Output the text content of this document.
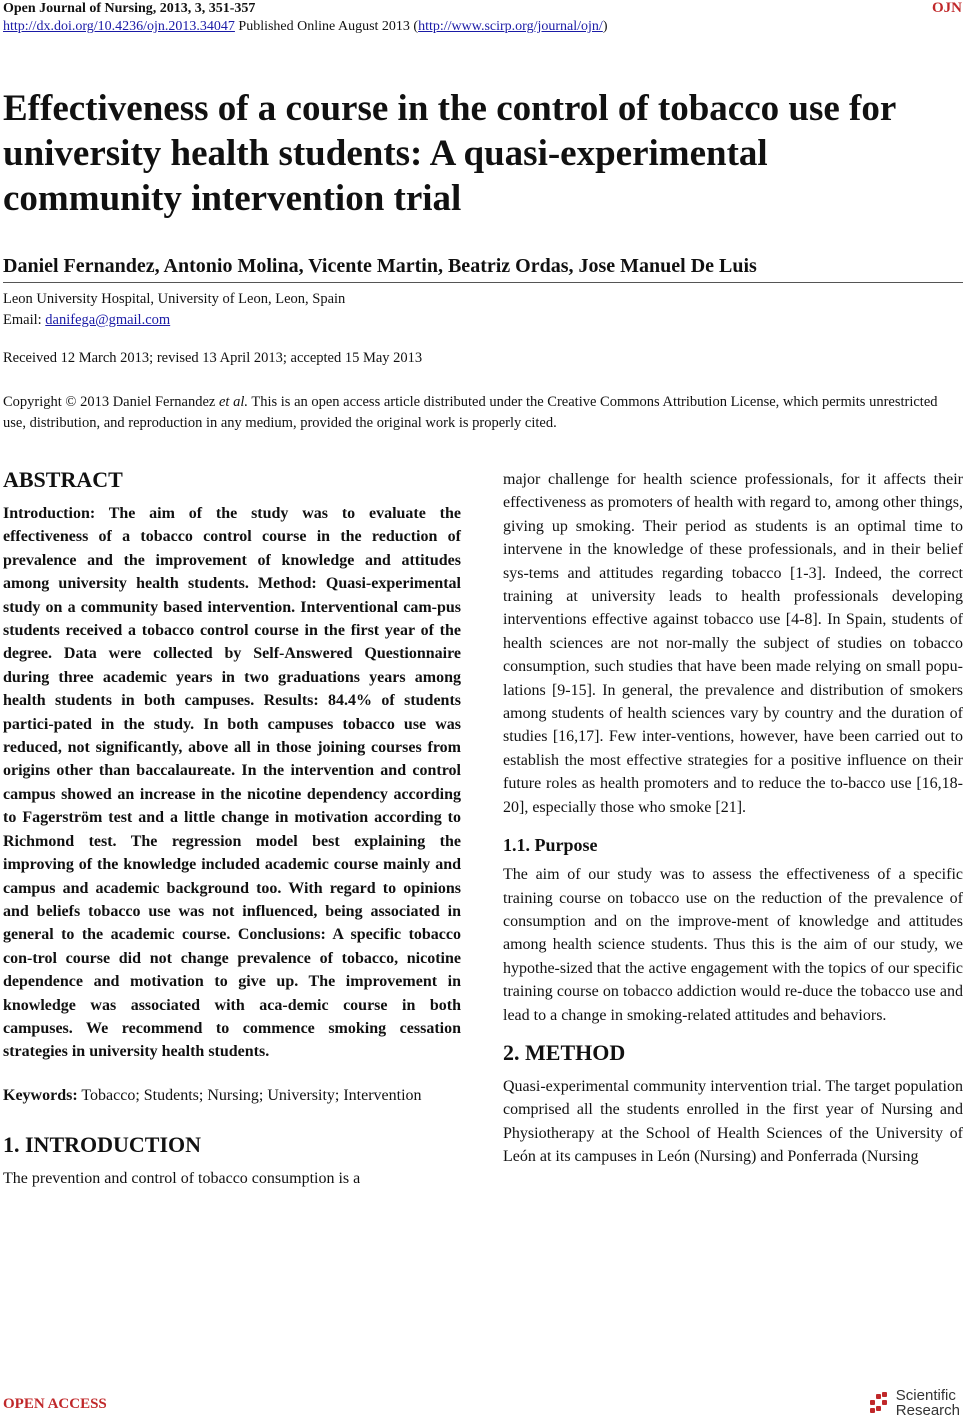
Open Journal of Nursing, 2013, 3, 351-357
http://dx.doi.org/10.4236/ojn.2013.34047 Published Online August 2013 (http://www.scirp.org/journal/ojn/)
OJN
Effectiveness of a course in the control of tobacco use for university health students: A quasi-experimental community intervention trial
Daniel Fernandez, Antonio Molina, Vicente Martin, Beatriz Ordas, Jose Manuel De Luis
Leon University Hospital, University of Leon, Leon, Spain
Email: danifega@gmail.com
Received 12 March 2013; revised 13 April 2013; accepted 15 May 2013
Copyright © 2013 Daniel Fernandez et al. This is an open access article distributed under the Creative Commons Attribution License, which permits unrestricted use, distribution, and reproduction in any medium, provided the original work is properly cited.
ABSTRACT

Introduction: The aim of the study was to evaluate the effectiveness of a tobacco control course in the reduction of prevalence and the improvement of knowledge and attitudes among university health students. Method: Quasi-experimental study on a community based intervention. Interventional cam-pus students received a tobacco control course in the first year of the degree. Data were collected by Self-Answered Questionnaire during three academic years in two graduations years among health students in both campuses. Results: 84.4% of students partici-pated in the study. In both campuses tobacco use was reduced, not significantly, above all in those joining courses from origins other than baccalaureate. In the intervention and control campus showed an increase in the nicotine dependency according to Fagerström test and a little change in motivation according to Richmond test. The regression model best explaining the improving of the knowledge included academic course mainly and campus and academic background too. With regard to opinions and beliefs tobacco use was not influenced, being associated in general to the academic course. Conclusions: A specific tobacco con-trol course did not change prevalence of tobacco, nicotine dependence and motivation to give up. The improvement in knowledge was associated with aca-demic course in both campuses. We recommend to commence smoking cessation strategies in university health students.

Keywords: Tobacco; Students; Nursing; University; Intervention

1. INTRODUCTION

The prevention and control of tobacco consumption is a

major challenge for health science professionals, for it affects their effectiveness as promoters of health with regard to, among other things, giving up smoking. Their period as students is an optimal time to intervene in the knowledge of these professionals, and in their belief sys-tems and attitudes regarding tobacco [1-3]. Indeed, the correct training at university leads to health professionals developing interventions effective against tobacco use [4-8]. In Spain, students of health sciences are not nor-mally the subject of studies on tobacco consumption, such studies that have been made relying on small popu-lations [9-15]. In general, the prevalence and distribution of smokers among students of health sciences vary by country and the duration of studies [16,17]. Few inter-ventions, however, have been carried out to establish the most effective strategies for a positive influence on their future roles as health promoters and to reduce the to-bacco use [16,18-20], especially those who smoke [21].

1.1. Purpose

The aim of our study was to assess the effectiveness of a specific training course on tobacco use on the reduction of the prevalence of consumption and on the improve-ment of knowledge and attitudes among health science students. Thus this is the aim of our study, we hypothe-sized that the active engagement with the topics of our specific training course on tobacco addiction would re-duce the tobacco use and lead to a change in smoking-related attitudes and behaviors.

2. METHOD

Quasi-experimental community intervention trial. The target population comprised all the students enrolled in the first year of Nursing and Physiotherapy at the School of Health Sciences of the University of León at its campuses in León (Nursing) and Ponferrada (Nursing

OPEN ACCESS	Scientific
Research
